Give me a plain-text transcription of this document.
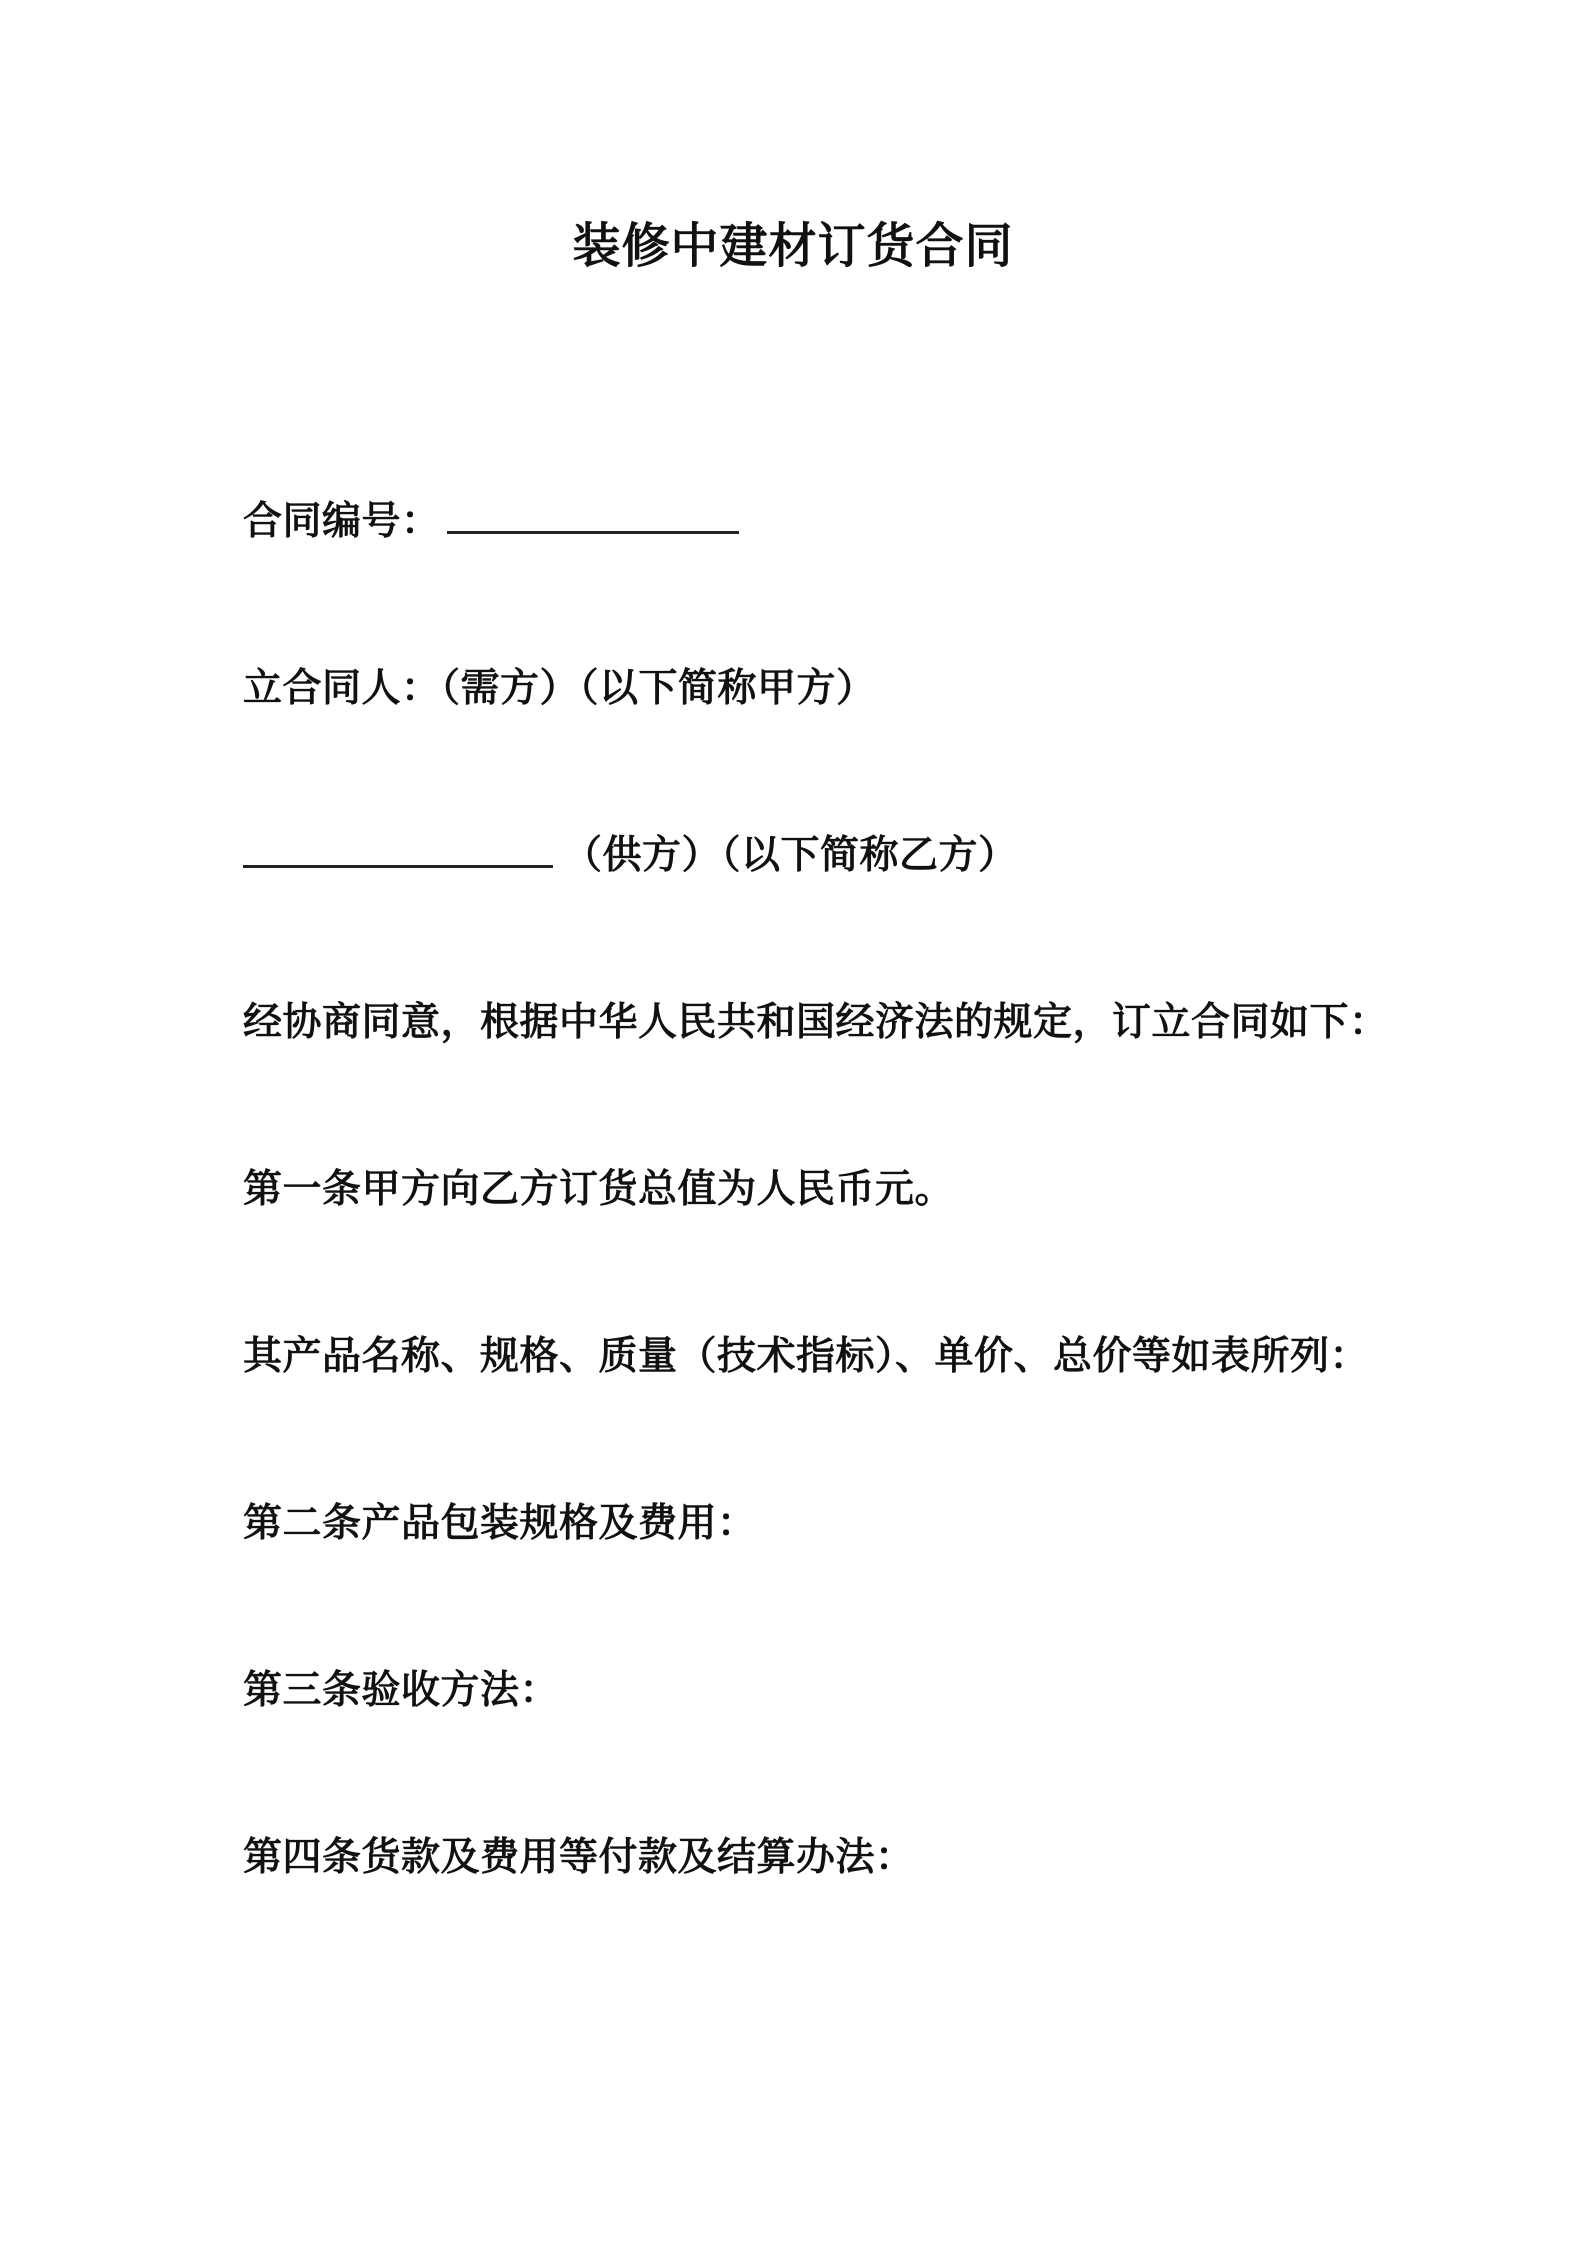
装修中建材订货合同
合同编号：
立合同人：（需方）（以下简称甲方）
（供方）（以下简称乙方）
经协商同意，根据中华人民共和国经济法的规定，订立合同如下：
第一条甲方向乙方订货总值为人民币元。
其产品名称、规格、质量（技术指标）、单价、总价等如表所列：
第二条产品包装规格及费用：
第三条验收方法：
第四条货款及费用等付款及结算办法：
